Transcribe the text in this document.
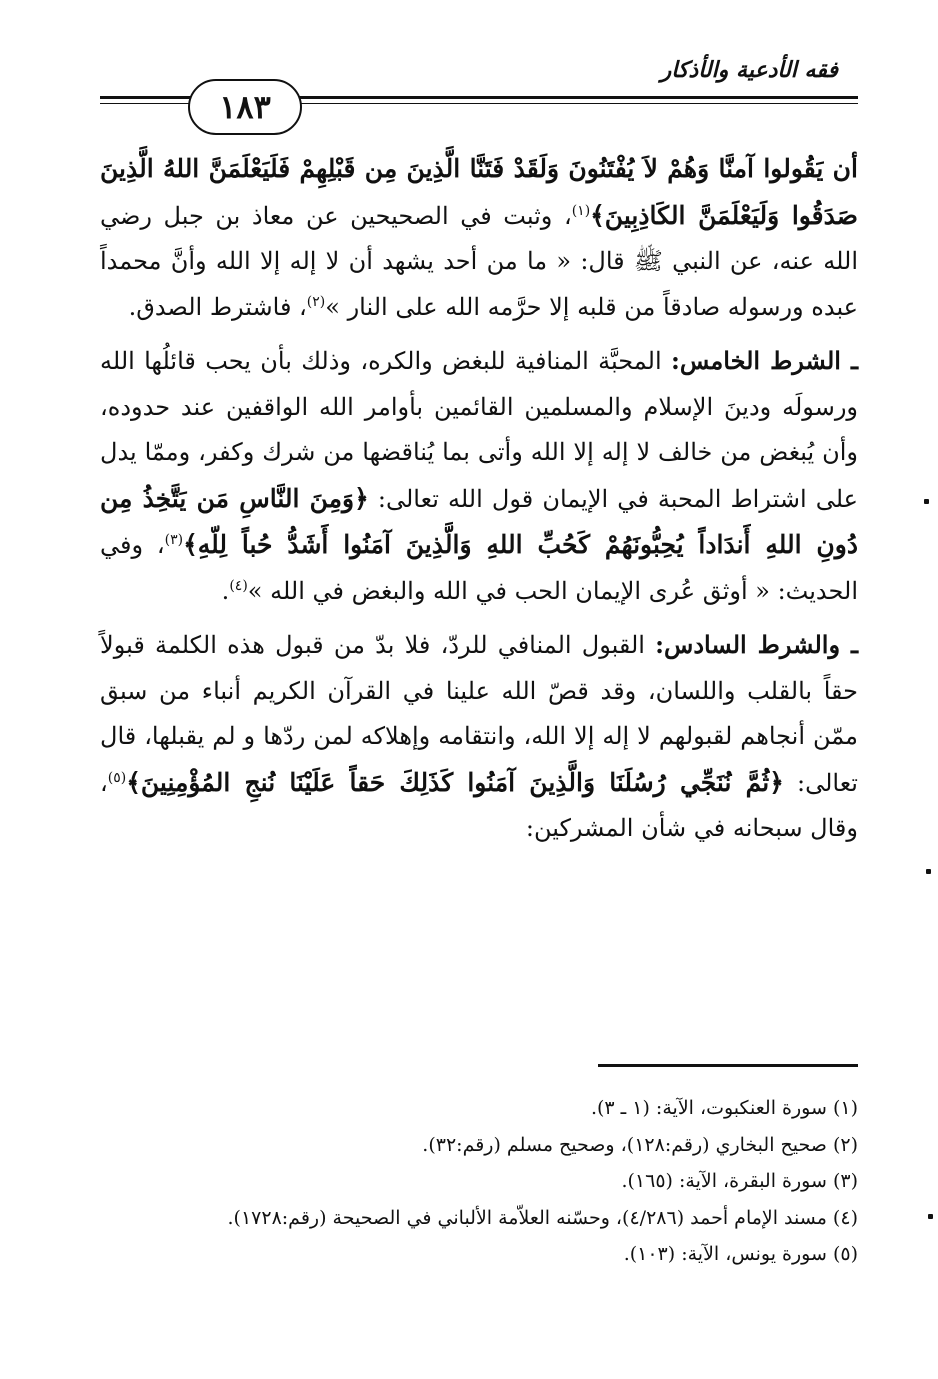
فقه الأدعية والأذكار
١٨٣

أن يَقُولوا آمنَّا وَهُمْ لاَ يُفْتَنُونَ وَلَقَدْ فَتَنَّا الَّذِينَ مِن قَبْلِهِمْ فَلَيَعْلَمَنَّ اللهُ الَّذِينَ صَدَقُوا وَلَيَعْلَمَنَّ الكَاذِبِينَ﴾$^{(١)}$، وثبت في الصحيحين عن معاذ بن جبل رضي الله عنه، عن النبي ﷺ قال: « ما من أحد يشهد أن لا إله إلا الله وأنَّ محمداً عبده ورسوله صادقاً من قلبه إلا حرَّمه الله على النار »$^{(٢)}$، فاشترط الصدق.

ـ الشرط الخامس: المحبَّة المنافية للبغض والكره، وذلك بأن يحب قائلُها الله ورسولَه ودينَ الإسلام والمسلمين القائمين بأوامر الله الواقفين عند حدوده، وأن يُبغض من خالف لا إله إلا الله وأتى بما يُناقضها من شرك وكفر، وممّا يدل على اشتراط المحبة في الإيمان قول الله تعالى: ﴿وَمِنَ النَّاسِ مَن يَتَّخِذُ مِن دُونِ اللهِ أَندَاداً يُحِبُّونَهُمْ كَحُبِّ اللهِ وَالَّذِينَ آمَنُوا أَشَدُّ حُباً لِلّهِ﴾$^{(٣)}$، وفي الحديث: « أوثق عُرى الإيمان الحب في الله والبغض في الله »$^{(٤)}$.

ـ والشرط السادس: القبول المنافي للردّ، فلا بدّ من قبول هذه الكلمة قبولاً حقاً بالقلب واللسان، وقد قصّ الله علينا في القرآن الكريم أنباء من سبق ممّن أنجاهم لقبولهم لا إله إلا الله، وانتقامه وإهلاكه لمن ردّها و لم يقبلها، قال تعالى: ﴿ثُمَّ نُنَجِّي رُسُلَنَا وَالَّذِينَ آمَنُوا كَذَلِكَ حَقاً عَلَيْنَا نُنجِ المُؤْمِنِينَ﴾$^{(٥)}$، وقال سبحانه في شأن المشركين:

(١) سورة العنكبوت، الآية: (١ ـ ٣).
(٢) صحيح البخاري (رقم:١٢٨)، وصحيح مسلم (رقم:٣٢).
(٣) سورة البقرة، الآية: (١٦٥).
(٤) مسند الإمام أحمد (٤/٢٨٦)، وحسّنه العلاّمة الألباني في الصحيحة (رقم:١٧٢٨).
(٥) سورة يونس، الآية: (١٠٣).
